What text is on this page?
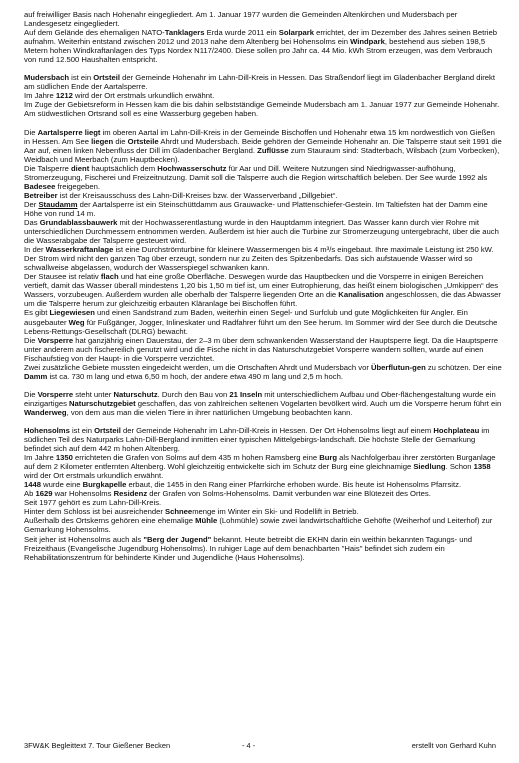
auf freiwilliger Basis nach Hohenahr eingegliedert. Am 1. Januar 1977 wurden die Gemeinden Altenkirchen und Mudersbach per Landesgesetz eingegliedert.
Auf dem Gelände des ehemaligen NATO-Tanklagers Erda wurde 2011 ein Solarpark errichtet, der im Dezember des Jahres seinen Betrieb aufnahm. Weiterhin entstand zwischen 2012 und 2013 nahe dem Altenberg bei Hohensolms ein Windpark, bestehend aus sieben 198,5 Metern hohen Windkraftanlagen des Typs Nordex N117/2400. Diese sollen pro Jahr ca. 44 Mio. kWh Strom erzeugen, was dem Verbrauch von rund 12.500 Haushalten entspricht.

Mudersbach ist ein Ortsteil der Gemeinde Hohenahr im Lahn-Dill-Kreis in Hessen. Das Straßendorf liegt im Gladenbacher Bergland direkt am südlichen Ende der Aartalsperre.
Im Jahre 1212 wird der Ort erstmals urkundlich erwähnt.
Im Zuge der Gebietsreform in Hessen kam die bis dahin selbstständige Gemeinde Mudersbach am 1. Januar 1977 zur Gemeinde Hohenahr. Am südwestlichen Ortsrand soll es eine Wasserburg gegeben haben.

Die Aartalsperre liegt im oberen Aartal im Lahn-Dill-Kreis in der Gemeinde Bischoffen und Hohenahr etwa 15 km nordwestlich von Gießen in Hessen. Am See liegen die Ortsteile Ahrdt und Mudersbach. Beide gehören der Gemeinde Hohenahr an. Die Talsperre staut seit 1991 die Aar auf, einen linken Nebenfluss der Dill im Gladenbacher Bergland. Zuflüsse zum Stauraum sind: Stadterbach, Wilsbach (zum Vorbecken), Weidbach und Meerbach (zum Hauptbecken).
Die Talsperre dient hauptsächlich dem Hochwasserschutz für Aar und Dill. Weitere Nutzungen sind Niedrigwasser-aufhöhung, Stromerzeugung, Fischerei und Freizeitnutzung. Damit soll die Talsperre auch die Region wirtschaftlich beleben. Der See wurde 1992 als Badesee freigegeben.
Betreiber ist der Kreisausschuss des Lahn-Dill-Kreises bzw. der Wasserverband „Dillgebiet“.
Der Staudamm der Aartalsperre ist ein Steinschüttdamm aus Grauwacke- und Plattenschiefer-Gestein. Im Taltiefsten hat der Damm eine Höhe von rund 14 m.
Das Grundablassbauwerk mit der Hochwasserentlastung wurde in den Hauptdamm integriert. Das Wasser kann durch vier Rohre mit unterschiedlichen Durchmessern entnommen werden. Außerdem ist hier auch die Turbine zur Stromerzeugung untergebracht, über die auch die Wasserabgabe der Talsperre gesteuert wird.
In der Wasserkraftanlage ist eine Durchströmturbine für kleinere Wassermengen bis 4 m³/s eingebaut. Ihre maximale Leistung ist 250 kW. Der Strom wird nicht den ganzen Tag über erzeugt, sondern nur zu Zeiten des Spitzenbedarfs. Das sich aufstauende Wasser wird so schwallweise abgelassen, wodurch der Wasserspiegel schwanken kann.
Der Stausee ist relativ flach und hat eine große Oberfläche. Deswegen wurde das Hauptbecken und die Vorsperre in einigen Bereichen vertieft, damit das Wasser überall mindestens 1,20 bis 1,50 m tief ist, um einer Eutrophierung, das heißt einem biologischen „Umkippen“ des Wassers, vorzubeugen. Außerdem wurden alle oberhalb der Talsperre liegenden Orte an die Kanalisation angeschlossen, die das Abwasser um die Talsperre herum zur gleichzeitig erbauten Kläranlage bei Bischoffen führt.
Es gibt Liegewiesen und einen Sandstrand zum Baden, weiterhin einen Segel- und Surfclub und gute Möglichkeiten für Angler. Ein ausgebauter Weg für Fußgänger, Jogger, Inlineskater und Radfahrer führt um den See herum. Im Sommer wird der See durch die Deutsche Lebens-Rettungs-Gesellschaft (DLRG) bewacht.
Die Vorsperre hat ganzjährig einen Dauerstau, der 2–3 m über dem schwankenden Wasserstand der Hauptsperre liegt. Da die Hauptsperre unter anderem auch fischereilich genutzt wird und die Fische nicht in das Naturschutzgebiet Vorsperre wandern sollten, wurde auf einen Fischaufstieg von der Haupt- in die Vorsperre verzichtet.
Zwei zusätzliche Gebiete mussten eingedeicht werden, um die Ortschaften Ahrdt und Mudersbach vor Überflutun-gen zu schützen. Der eine Damm ist ca. 730 m lang und etwa 6,50 m hoch, der andere etwa 490 m lang und 2,5 m hoch.

Die Vorsperre steht unter Naturschutz. Durch den Bau von 21 Inseln mit unterschiedlichem Aufbau und Ober-flächengestaltung wurde ein einzigartiges Naturschutzgebiet geschaffen, das von zahlreichen seltenen Vogelarten bevölkert wird. Auch um die Vorsperre herum führt ein Wanderweg, von dem aus man die vielen Tiere in ihrer natürlichen Umgebung beobachten kann.

Hohensolms ist ein Ortsteil der Gemeinde Hohenahr im Lahn-Dill-Kreis in Hessen. Der Ort Hohensolms liegt auf einem Hochplateau im südlichen Teil des Naturparks Lahn-Dill-Bergland inmitten einer typischen Mittelgebirgs-landschaft. Die höchste Stelle der Gemarkung befindet sich auf dem 442 m hohen Altenberg.
Im Jahre 1350 errichteten die Grafen von Solms auf dem 435 m hohen Ramsberg eine Burg als Nachfolgerbau ihrer zerstörten Burganlage auf dem 2 Kilometer entfernten Altenberg. Wohl gleichzeitig entwickelte sich im Schutz der Burg eine gleichnamige Siedlung. Schon 1358 wird der Ort erstmals urkundlich erwähnt.
1448 wurde eine Burgkapelle erbaut, die 1455 in den Rang einer Pfarrkirche erhoben wurde. Bis heute ist Hohensolms Pfarrsitz.
Ab 1629 war Hohensolms Residenz der Grafen von Solms-Hohensolms. Damit verbunden war eine Blütezeit des Ortes.
Seit 1977 gehört es zum Lahn-Dill-Kreis.
Hinter dem Schloss ist bei ausreichender Schneemenge im Winter ein Ski- und Rodellift in Betrieb.
Außerhalb des Ortskerns gehören eine ehemalige Mühle (Lohmühle) sowie zwei landwirtschaftliche Gehöfte (Weiherhof und Leiterhof) zur Gemarkung Hohensolms.
Seit jeher ist Hohensolms auch als "Berg der Jugend" bekannt. Heute betreibt die EKHN darin ein weithin bekannten Tagungs- und Freizeithaus (Evangelische Jugendburg Hohensolms). In ruhiger Lage auf dem benachbarten "Hais" befindet sich zudem ein Rehabilitationszentrum für behinderte Kinder und Jugendliche (Haus Hohensolms).

3FW&K Begleittext 7. Tour Gießener Becken	- 4 -	erstellt von Gerhard Kuhn
